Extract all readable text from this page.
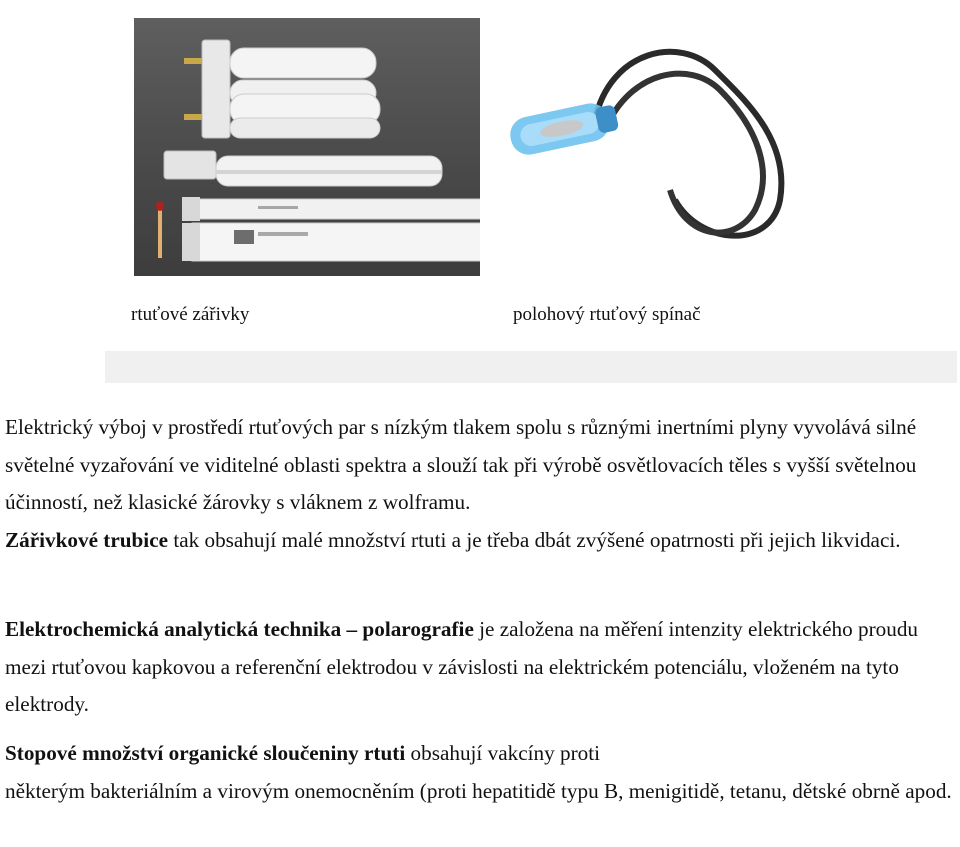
rtuťové zářivky	polohový rtuťový spínač

Elektrický výboj v prostředí rtuťových par s nízkým tlakem spolu s různými inertními plyny vyvolává silné světelné vyzařování ve viditelné oblasti spektra a slouží tak při výrobě osvětlovacích těles s vyšší světelnou účinností, než klasické žárovky s vláknem z wolframu.
Zářivkové trubice tak obsahují malé množství rtuti a je třeba dbát zvýšené opatrnosti při jejich likvidaci.

Elektrochemická analytická technika – polarografie je založena na měření intenzity elektrického proudu mezi rtuťovou kapkovou a referenční elektrodou v závislosti na elektrickém potenciálu, vloženém na tyto elektrody.

Stopové množství organické sloučeniny rtuti obsahují vakcíny proti
některým bakteriálním a virovým onemocněním (proti hepatitidě typu B, menigitidě, tetanu, dětské obrně apod.
